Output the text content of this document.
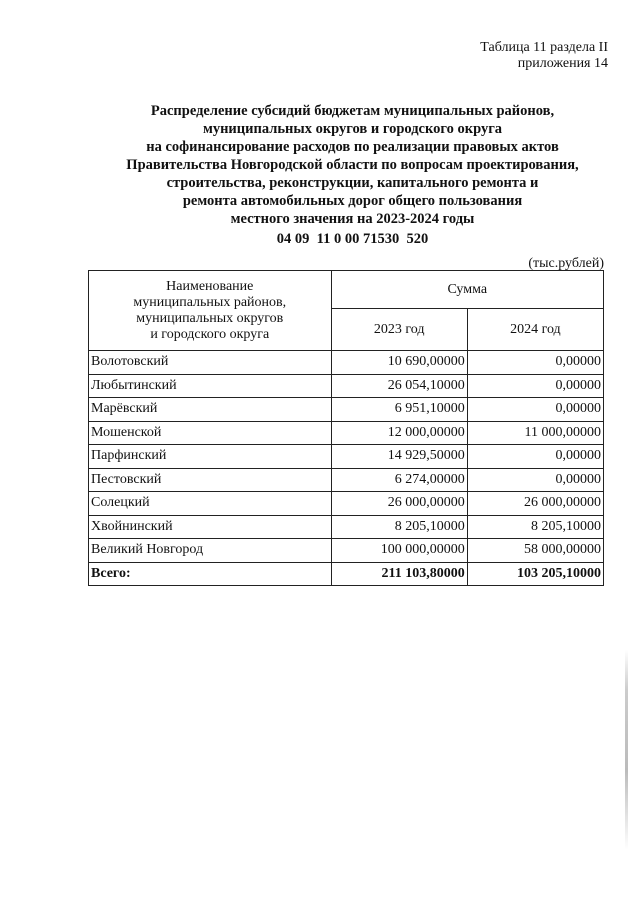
Таблица 11 раздела II
приложения 14
Распределение субсидий бюджетам муниципальных районов,
муниципальных округов и городского округа
на софинансирование расходов по реализации правовых актов
Правительства Новгородской области по вопросам проектирования,
строительства, реконструкции, капитального ремонта и
ремонта автомобильных дорог общего пользования
местного значения на 2023-2024 годы
04 09  11 0 00 71530  520
(тыс.рублей)
Наименование
муниципальных районов,
муниципальных округов
и городского округа	Сумма	
	2023 год	2024 год
Волотовский	10 690,00000	0,00000
Любытинский	26 054,10000	0,00000
Марёвский	6 951,10000	0,00000
Мошенской	12 000,00000	11 000,00000
Парфинский	14 929,50000	0,00000
Пестовский	6 274,00000	0,00000
Солецкий	26 000,00000	26 000,00000
Хвойнинский	8 205,10000	8 205,10000
Великий Новгород	100 000,00000	58 000,00000
Всего:	211 103,80000	103 205,10000
